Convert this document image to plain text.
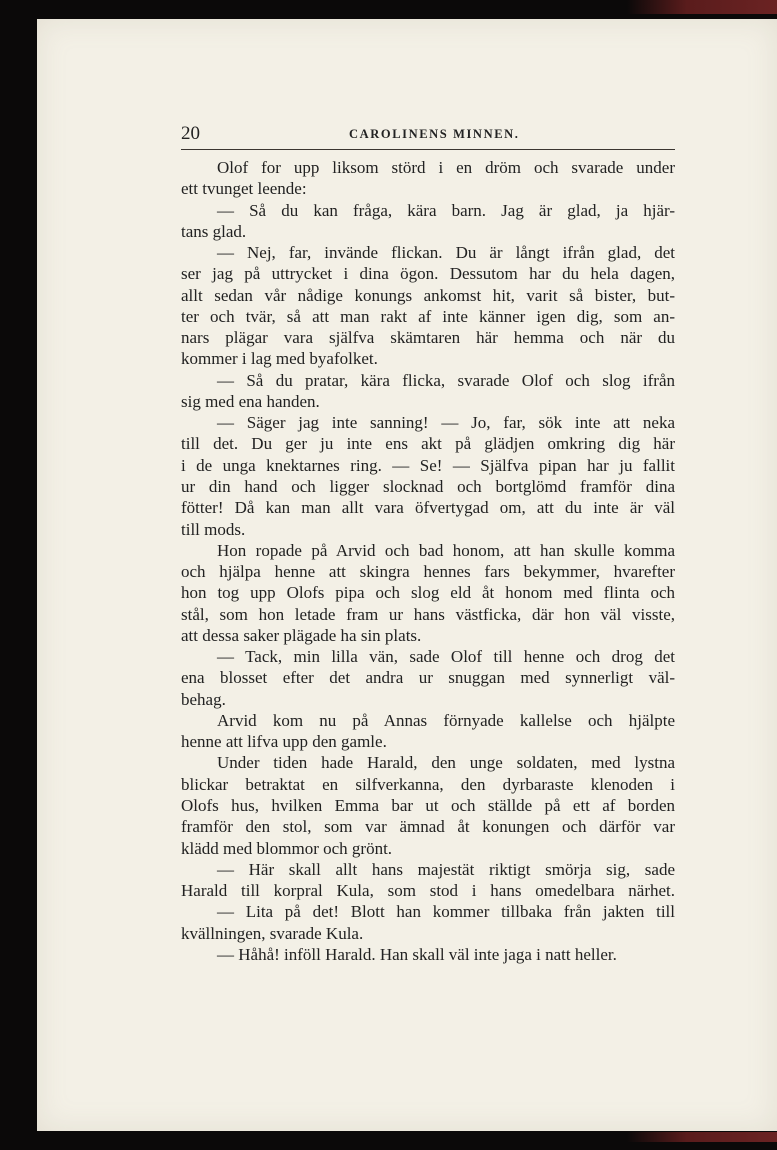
20	CAROLINENS MINNEN.
Olof for upp liksom störd i en dröm och svarade under
ett tvunget leende:
— Så du kan fråga, kära barn. Jag är glad, ja hjär-
tans glad.
— Nej, far, invände flickan. Du är långt ifrån glad, det
ser jag på uttrycket i dina ögon. Dessutom har du hela dagen,
allt sedan vår nådige konungs ankomst hit, varit så bister, but-
ter och tvär, så att man rakt af inte känner igen dig, som an-
nars plägar vara själfva skämtaren här hemma och när du
kommer i lag med byafolket.
— Så du pratar, kära flicka, svarade Olof och slog ifrån
sig med ena handen.
— Säger jag inte sanning! — Jo, far, sök inte att neka
till det. Du ger ju inte ens akt på glädjen omkring dig här
i de unga knektarnes ring. — Se! — Själfva pipan har ju fallit
ur din hand och ligger slocknad och bortglömd framför dina
fötter! Då kan man allt vara öfvertygad om, att du inte är väl
till mods.
Hon ropade på Arvid och bad honom, att han skulle komma
och hjälpa henne att skingra hennes fars bekymmer, hvarefter
hon tog upp Olofs pipa och slog eld åt honom med flinta och
stål, som hon letade fram ur hans västficka, där hon väl visste,
att dessa saker plägade ha sin plats.
— Tack, min lilla vän, sade Olof till henne och drog det
ena blosset efter det andra ur snuggan med synnerligt väl-
behag.
Arvid kom nu på Annas förnyade kallelse och hjälpte
henne att lifva upp den gamle.
Under tiden hade Harald, den unge soldaten, med lystna
blickar betraktat en silfverkanna, den dyrbaraste klenoden i
Olofs hus, hvilken Emma bar ut och ställde på ett af borden
framför den stol, som var ämnad åt konungen och därför var
klädd med blommor och grönt.
— Här skall allt hans majestät riktigt smörja sig, sade
Harald till korpral Kula, som stod i hans omedelbara närhet.
— Lita på det! Blott han kommer tillbaka från jakten till
kvällningen, svarade Kula.
— Håhå! inföll Harald. Han skall väl inte jaga i natt heller.
